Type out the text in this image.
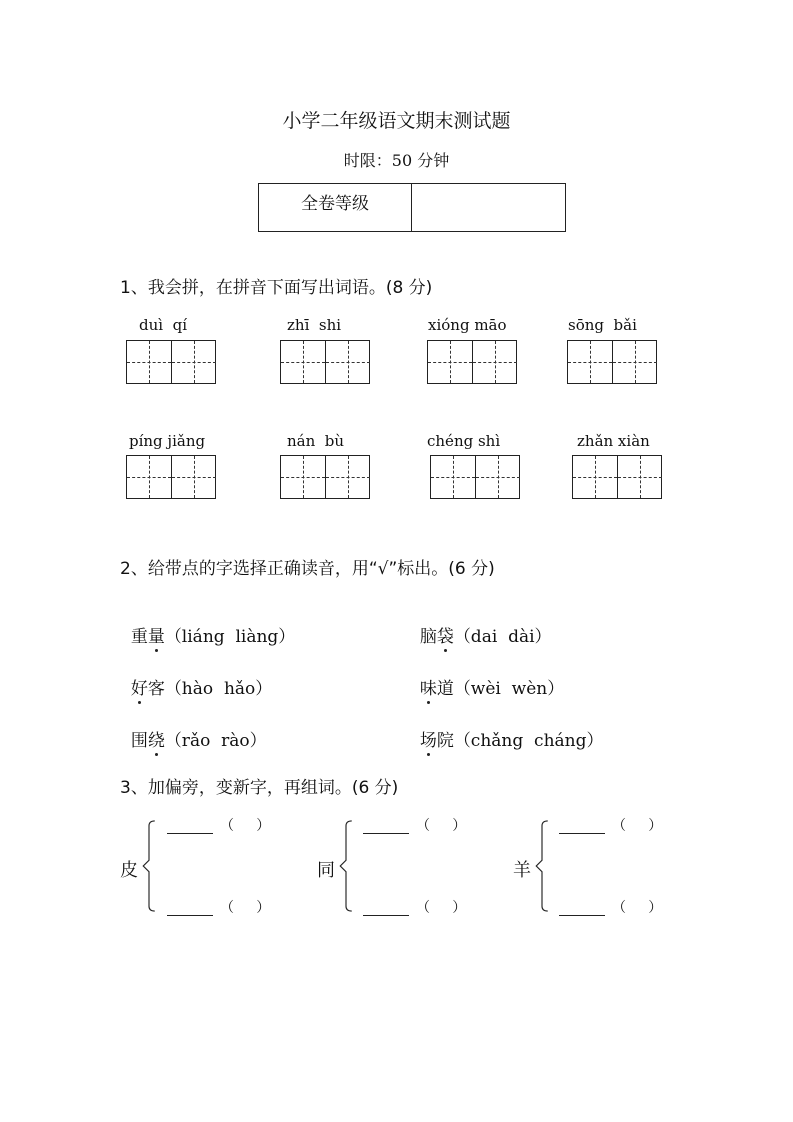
小学二年级语文期末测试题
时限：50 分钟
全卷等级
1、我会拼，在拼音下面写出词语。(8 分)
duì  qí	zhī  shi	xióng māo	sōng  bǎi
píng jiǎng	nán  bù	chéng shì	zhǎn xiàn
2、给带点的字选择正确读音，用“√”标出。(6 分)

重量（liáng  liàng）	脑袋（dai  dài）

好客（hào  hǎo）	味道（wèi  wèn）

围绕（rǎo  rào）	场院（chǎng  cháng）

3、加偏旁，变新字，再组词。(6 分)
皮
（     ）
（     ）
同
（     ）
（     ）
羊
（     ）
（     ）
